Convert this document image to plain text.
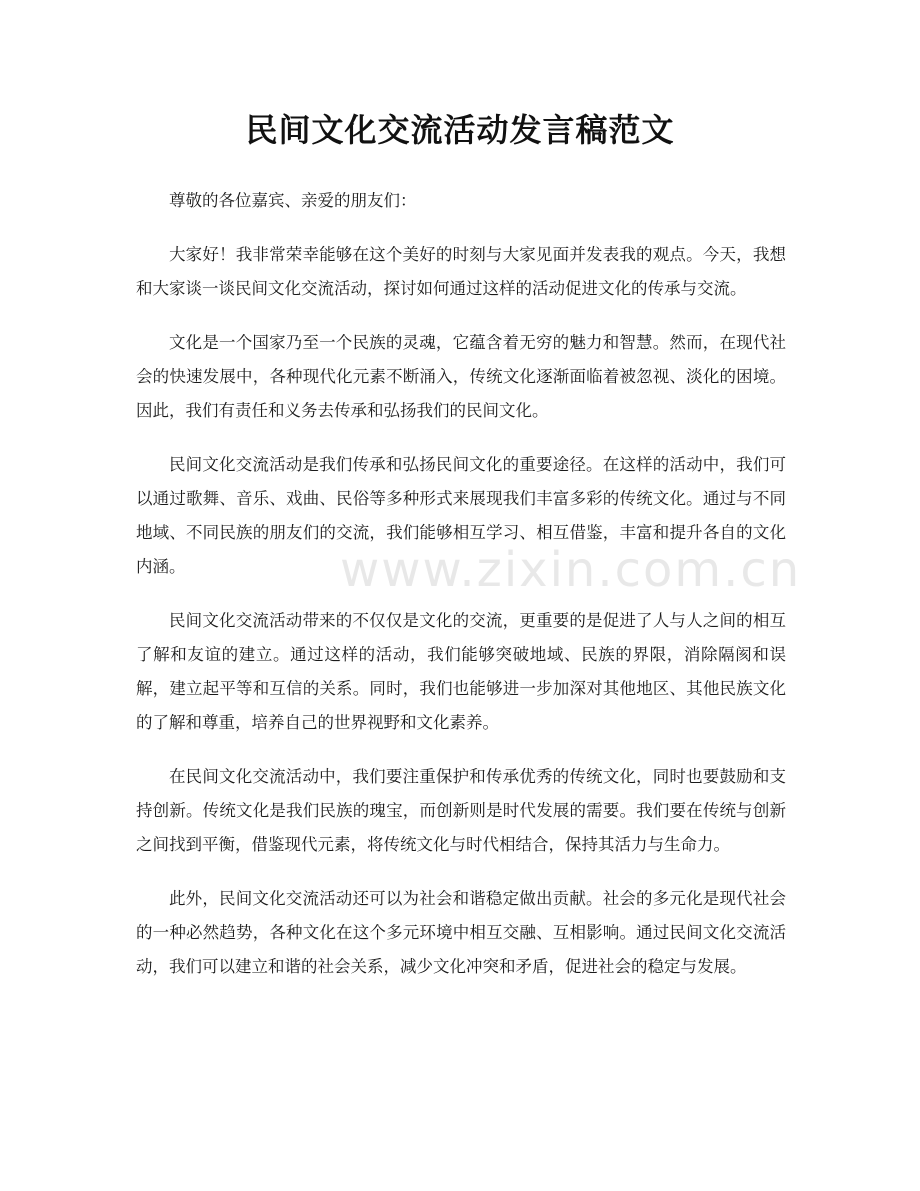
民间文化交流活动发言稿范文
www.zixin.com.cn

尊敬的各位嘉宾、亲爱的朋友们：

大家好！我非常荣幸能够在这个美好的时刻与大家见面并发表我的观点。今天，我想和大家谈一谈民间文化交流活动，探讨如何通过这样的活动促进文化的传承与交流。

文化是一个国家乃至一个民族的灵魂，它蕴含着无穷的魅力和智慧。然而，在现代社会的快速发展中，各种现代化元素不断涌入，传统文化逐渐面临着被忽视、淡化的困境。因此，我们有责任和义务去传承和弘扬我们的民间文化。

民间文化交流活动是我们传承和弘扬民间文化的重要途径。在这样的活动中，我们可以通过歌舞、音乐、戏曲、民俗等多种形式来展现我们丰富多彩的传统文化。通过与不同地域、不同民族的朋友们的交流，我们能够相互学习、相互借鉴，丰富和提升各自的文化内涵。

民间文化交流活动带来的不仅仅是文化的交流，更重要的是促进了人与人之间的相互了解和友谊的建立。通过这样的活动，我们能够突破地域、民族的界限，消除隔阂和误解，建立起平等和互信的关系。同时，我们也能够进一步加深对其他地区、其他民族文化的了解和尊重，培养自己的世界视野和文化素养。

在民间文化交流活动中，我们要注重保护和传承优秀的传统文化，同时也要鼓励和支持创新。传统文化是我们民族的瑰宝，而创新则是时代发展的需要。我们要在传统与创新之间找到平衡，借鉴现代元素，将传统文化与时代相结合，保持其活力与生命力。

此外，民间文化交流活动还可以为社会和谐稳定做出贡献。社会的多元化是现代社会的一种必然趋势，各种文化在这个多元环境中相互交融、互相影响。通过民间文化交流活动，我们可以建立和谐的社会关系，减少文化冲突和矛盾，促进社会的稳定与发展。
